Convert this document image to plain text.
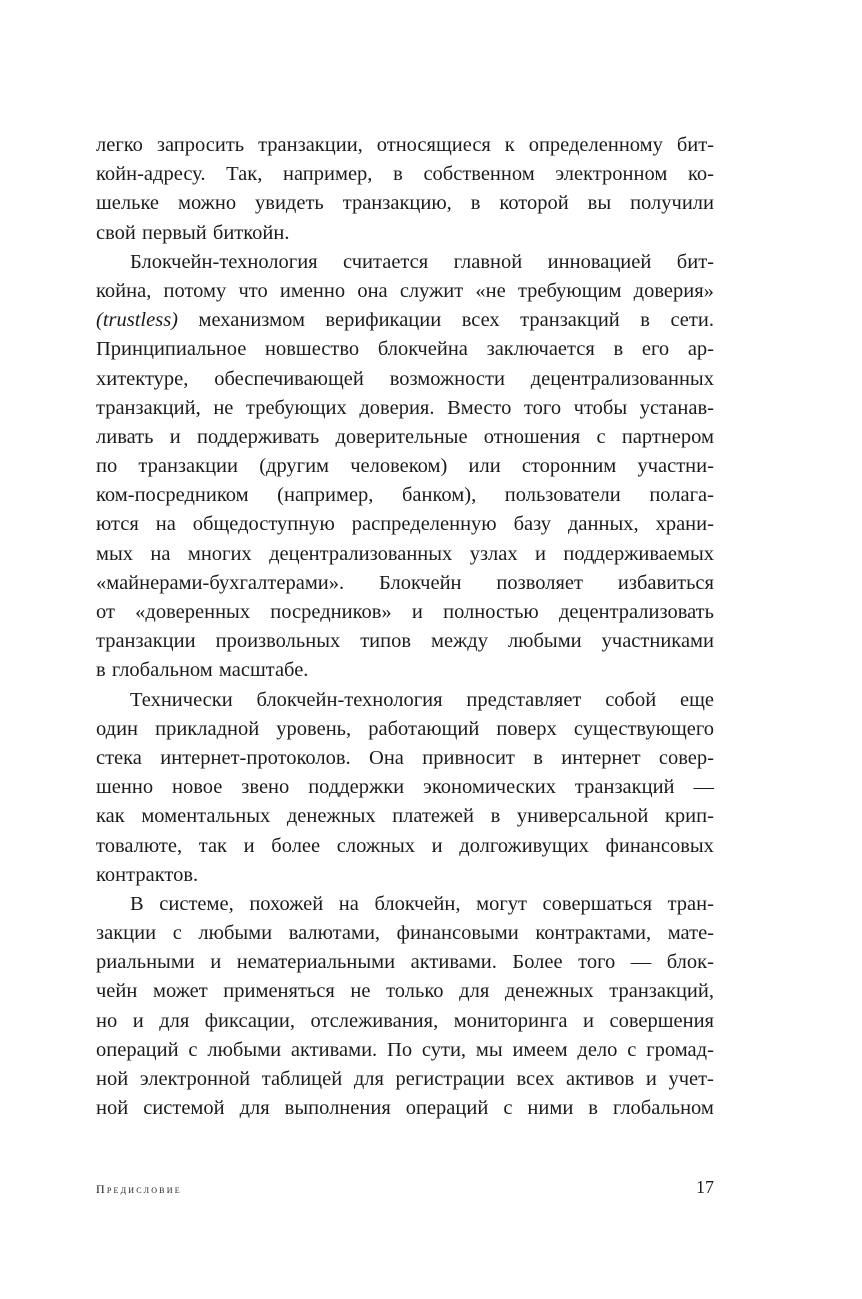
легко запросить транзакции, относящиеся к определенному бит-
койн-адресу. Так, например, в собственном электронном ко-
шельке можно увидеть транзакцию, в которой вы получили
свой первый биткойн.
Блокчейн-технология считается главной инновацией бит-
койна, потому что именно она служит «не требующим доверия»
(trustless) механизмом верификации всех транзакций в сети.
Принципиальное новшество блокчейна заключается в его ар-
хитектуре, обеспечивающей возможности децентрализованных
транзакций, не требующих доверия. Вместо того чтобы устанав-
ливать и поддерживать доверительные отношения с партнером
по транзакции (другим человеком) или сторонним участни-
ком-посредником (например, банком), пользователи полага-
ются на общедоступную распределенную базу данных, храни-
мых на многих децентрализованных узлах и поддерживаемых
«майнерами-бухгалтерами». Блокчейн позволяет избавиться
от «доверенных посредников» и полностью децентрализовать
транзакции произвольных типов между любыми участниками
в глобальном масштабе.
Технически блокчейн-технология представляет собой еще
один прикладной уровень, работающий поверх существующего
стека интернет-протоколов. Она привносит в интернет совер-
шенно новое звено поддержки экономических транзакций —
как моментальных денежных платежей в универсальной крип-
товалюте, так и более сложных и долгоживущих финансовых
контрактов.
В системе, похожей на блокчейн, могут совершаться тран-
закции с любыми валютами, финансовыми контрактами, мате-
риальными и нематериальными активами. Более того — блок-
чейн может применяться не только для денежных транзакций,
но и для фиксации, отслеживания, мониторинга и совершения
операций с любыми активами. По сути, мы имеем дело с громад-
ной электронной таблицей для регистрации всех активов и учет-
ной системой для выполнения операций с ними в глобальном
Предисловие	17
